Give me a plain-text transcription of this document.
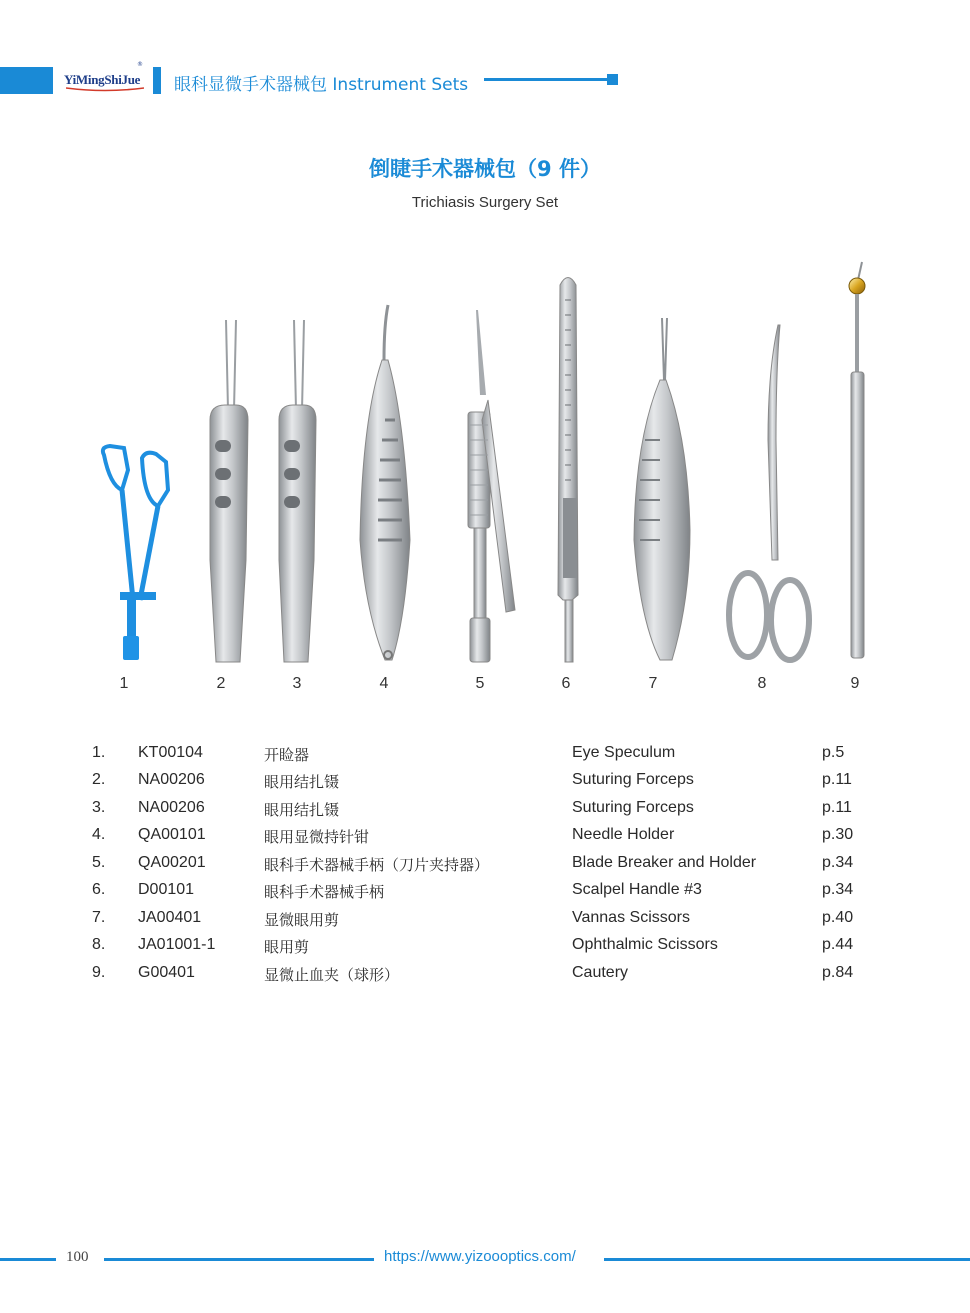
YiMingShiJue
®
眼科显微手术器械包 Instrument Sets
倒睫手术器械包（9 件）
Trichiasis Surgery Set
1	2	3	4	5	6	7	8	9
1. KT00104	开睑器	Eye Speculum	p.5
2. NA00206	眼用结扎镊	Suturing Forceps	p.11
3. NA00206	眼用结扎镊	Suturing Forceps	p.11
4. QA00101	眼用显微持针钳	Needle Holder	p.30
5. QA00201	眼科手术器械手柄（刀片夹持器）	Blade Breaker and Holder	p.34
6. D00101	眼科手术器械手柄	Scalpel Handle #3	p.34
7. JA00401	显微眼用剪	Vannas Scissors	p.40
8. JA01001-1	眼用剪	Ophthalmic Scissors	p.44
9. G00401	显微止血夹（球形）	Cautery	p.84
100	https://www.yizoooptics.com/
